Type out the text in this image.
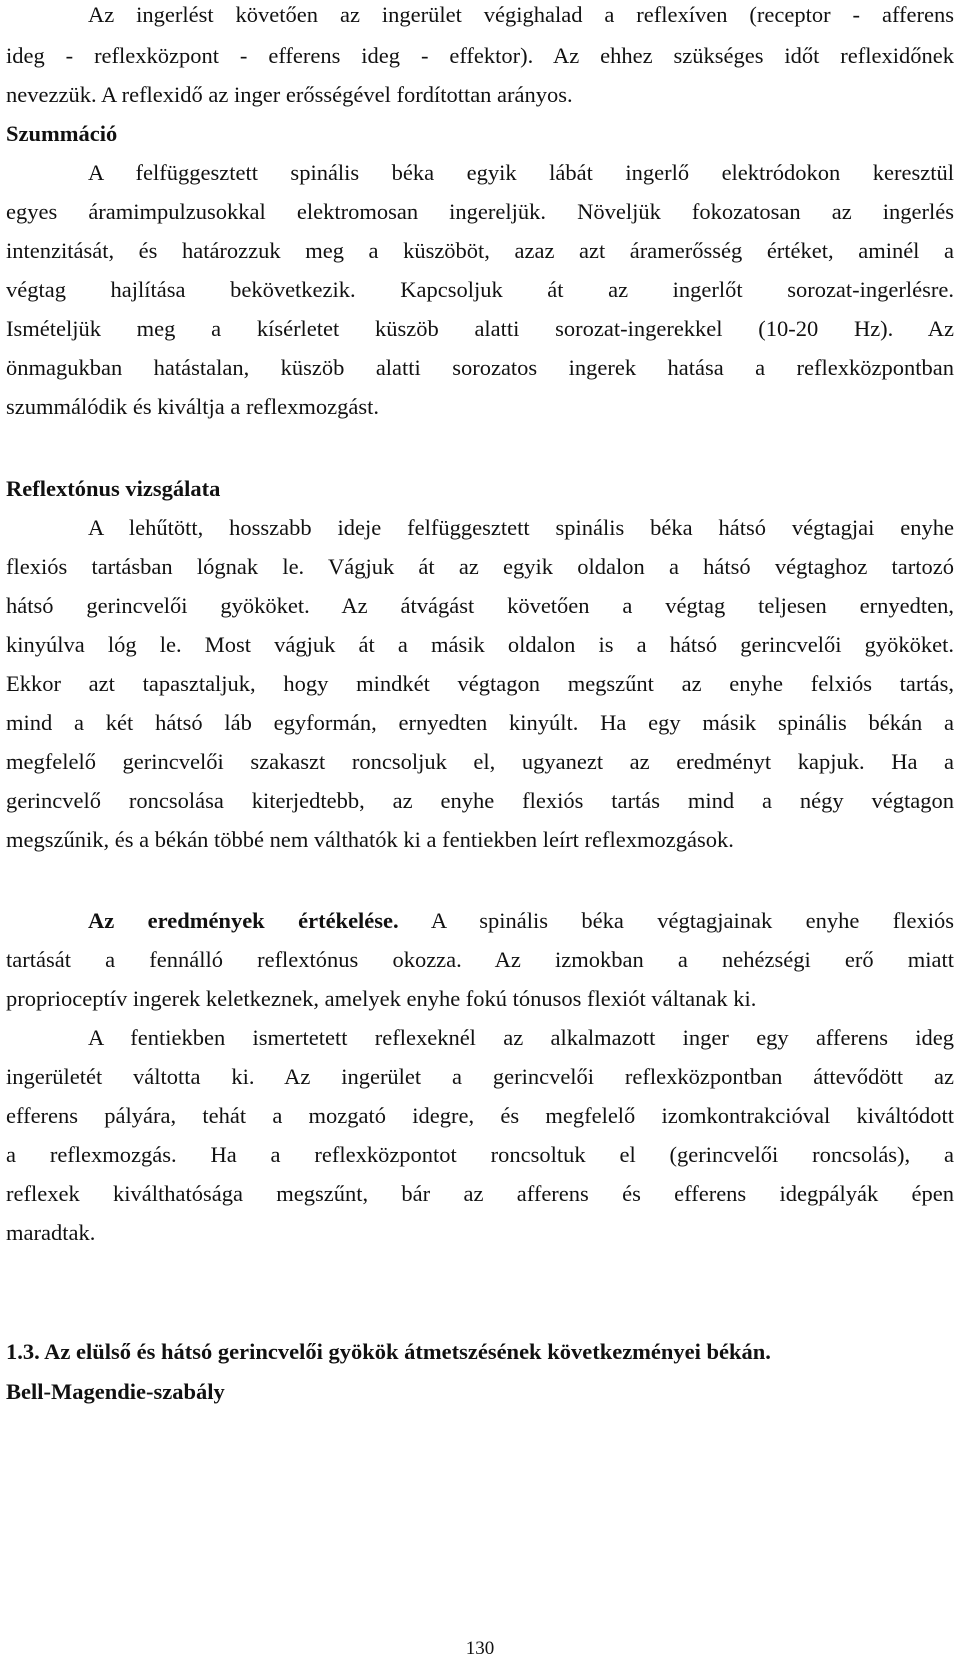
Az ingerlést követően az ingerület végighalad a reflexíven (receptor - afferens
ideg - reflexközpont - efferens ideg - effektor). Az ehhez szükséges időt reflexidőnek
nevezzük. A reflexidő az inger erősségével fordítottan arányos.
Szummáció
A felfüggesztett spinális béka egyik lábát ingerlő elektródokon keresztül
egyes áramimpulzusokkal elektromosan ingereljük. Növeljük fokozatosan az ingerlés
intenzitását, és határozzuk meg a küszöböt, azaz azt áramerősség értéket, aminél a
végtag hajlítása bekövetkezik. Kapcsoljuk át az ingerlőt sorozat-ingerlésre.
Ismételjük meg a kísérletet küszöb alatti sorozat-ingerekkel (10-20 Hz). Az
önmagukban hatástalan, küszöb alatti sorozatos ingerek hatása a reflexközpontban
szummálódik és kiváltja a reflexmozgást.
Reflextónus vizsgálata
A lehűtött, hosszabb ideje felfüggesztett spinális béka hátsó végtagjai enyhe
flexiós tartásban lógnak le. Vágjuk át az egyik oldalon a hátsó végtaghoz tartozó
hátsó gerincvelői gyököket. Az átvágást követően a végtag teljesen ernyedten,
kinyúlva lóg le. Most vágjuk át a másik oldalon is a hátsó gerincvelői gyököket.
Ekkor azt tapasztaljuk, hogy mindkét végtagon megszűnt az enyhe felxiós tartás,
mind a két hátsó láb egyformán, ernyedten kinyúlt. Ha egy másik spinális békán a
megfelelő gerincvelői szakaszt roncsoljuk el, ugyanezt az eredményt kapjuk. Ha a
gerincvelő roncsolása kiterjedtebb, az enyhe flexiós tartás mind a négy végtagon
megszűnik, és a békán többé nem válthatók ki a fentiekben leírt reflexmozgások.
Az eredmények értékelése. A spinális béka végtagjainak enyhe flexiós
tartását a fennálló reflextónus okozza. Az izmokban a nehézségi erő miatt
proprioceptív ingerek keletkeznek, amelyek enyhe fokú tónusos flexiót váltanak ki.
A fentiekben ismertetett reflexeknél az alkalmazott inger egy afferens ideg
ingerületét váltotta ki. Az ingerület a gerincvelői reflexközpontban áttevődött az
efferens pályára, tehát a mozgató idegre, és megfelelő izomkontrakcióval kiváltódott
a reflexmozgás. Ha a reflexközpontot roncsoltuk el (gerincvelői roncsolás), a
reflexek kiválthatósága megszűnt, bár az afferens és efferens idegpályák épen
maradtak.
1.3. Az elülső és hátsó gerincvelői gyökök átmetszésének következményei békán.
Bell-Magendie-szabály
130
